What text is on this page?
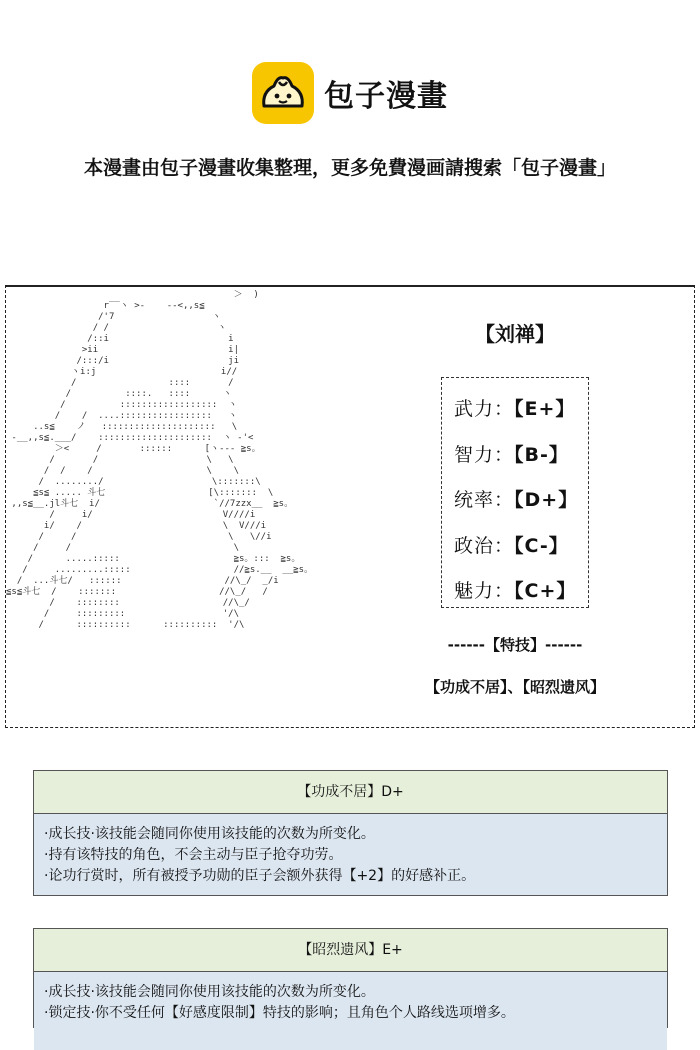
包子漫畫
本漫畫由包子漫畫收集整理，更多免費漫画請搜索「包子漫畫」
＞  )
r‾‾ヽ >-    --<,,s≦
/'7                  ヽ
/ /                    ヽ
/::i                      i
>ii                        i|
/:::/i                      ji
ヽi:j                       i//
/                 ::::       /
/          ::::.   ::::      ヽ
/          ::::::::::::::::::  ヽ
/    /  ....:::::::::::::::::   ヽ
..s≦    ノ   :::::::::::::::::::::   \
‐__,,s≦.___/    :::::::::::::::::::::  ヽ ‐'<
＞<     /       ::::::      [ヽ‐-- ≧s。
/       /                    \   \
/  /    /                     \    \
/  ......../                    \:::::::\
≦s≦ ..... 斗七                   [\:::::::  \
,,s≦__.jl斗七  i/                     `//7zzx__  ≧s。
/     i/                        V////i
i/    /                          \  V///i
/     /                            \   \//i
/     /                              \
/      .....:::::                     ≧s。:::  ≧s。
/     .........:::::                   //≧s.__  __≧s。
/  ...斗七/   ::::::                   //\_/  _/i
≦s≦斗七  /    :::::::                   //\_/   /
/    ::::::::                   //\_/
/     :::::::::                  '/\
/      ::::::::::      ::::::::::  '/\

【刘禅】
武力：【E+】
智力：【B-】
统率：【D+】
政治：【C-】
魅力：【C+】
------【特技】------
【功成不居】、【昭烈遗风】
【功成不居】D+
·成长技·该技能会随同你使用该技能的次数为所变化。
·持有该特技的角色，不会主动与臣子抢夺功劳。
·论功行赏时，所有被授予功勋的臣子会额外获得【+2】的好感补正。
【昭烈遗风】E+
·成长技·该技能会随同你使用该技能的次数为所变化。
·锁定技·你不受任何【好感度限制】特技的影响；且角色个人路线选项增多。
